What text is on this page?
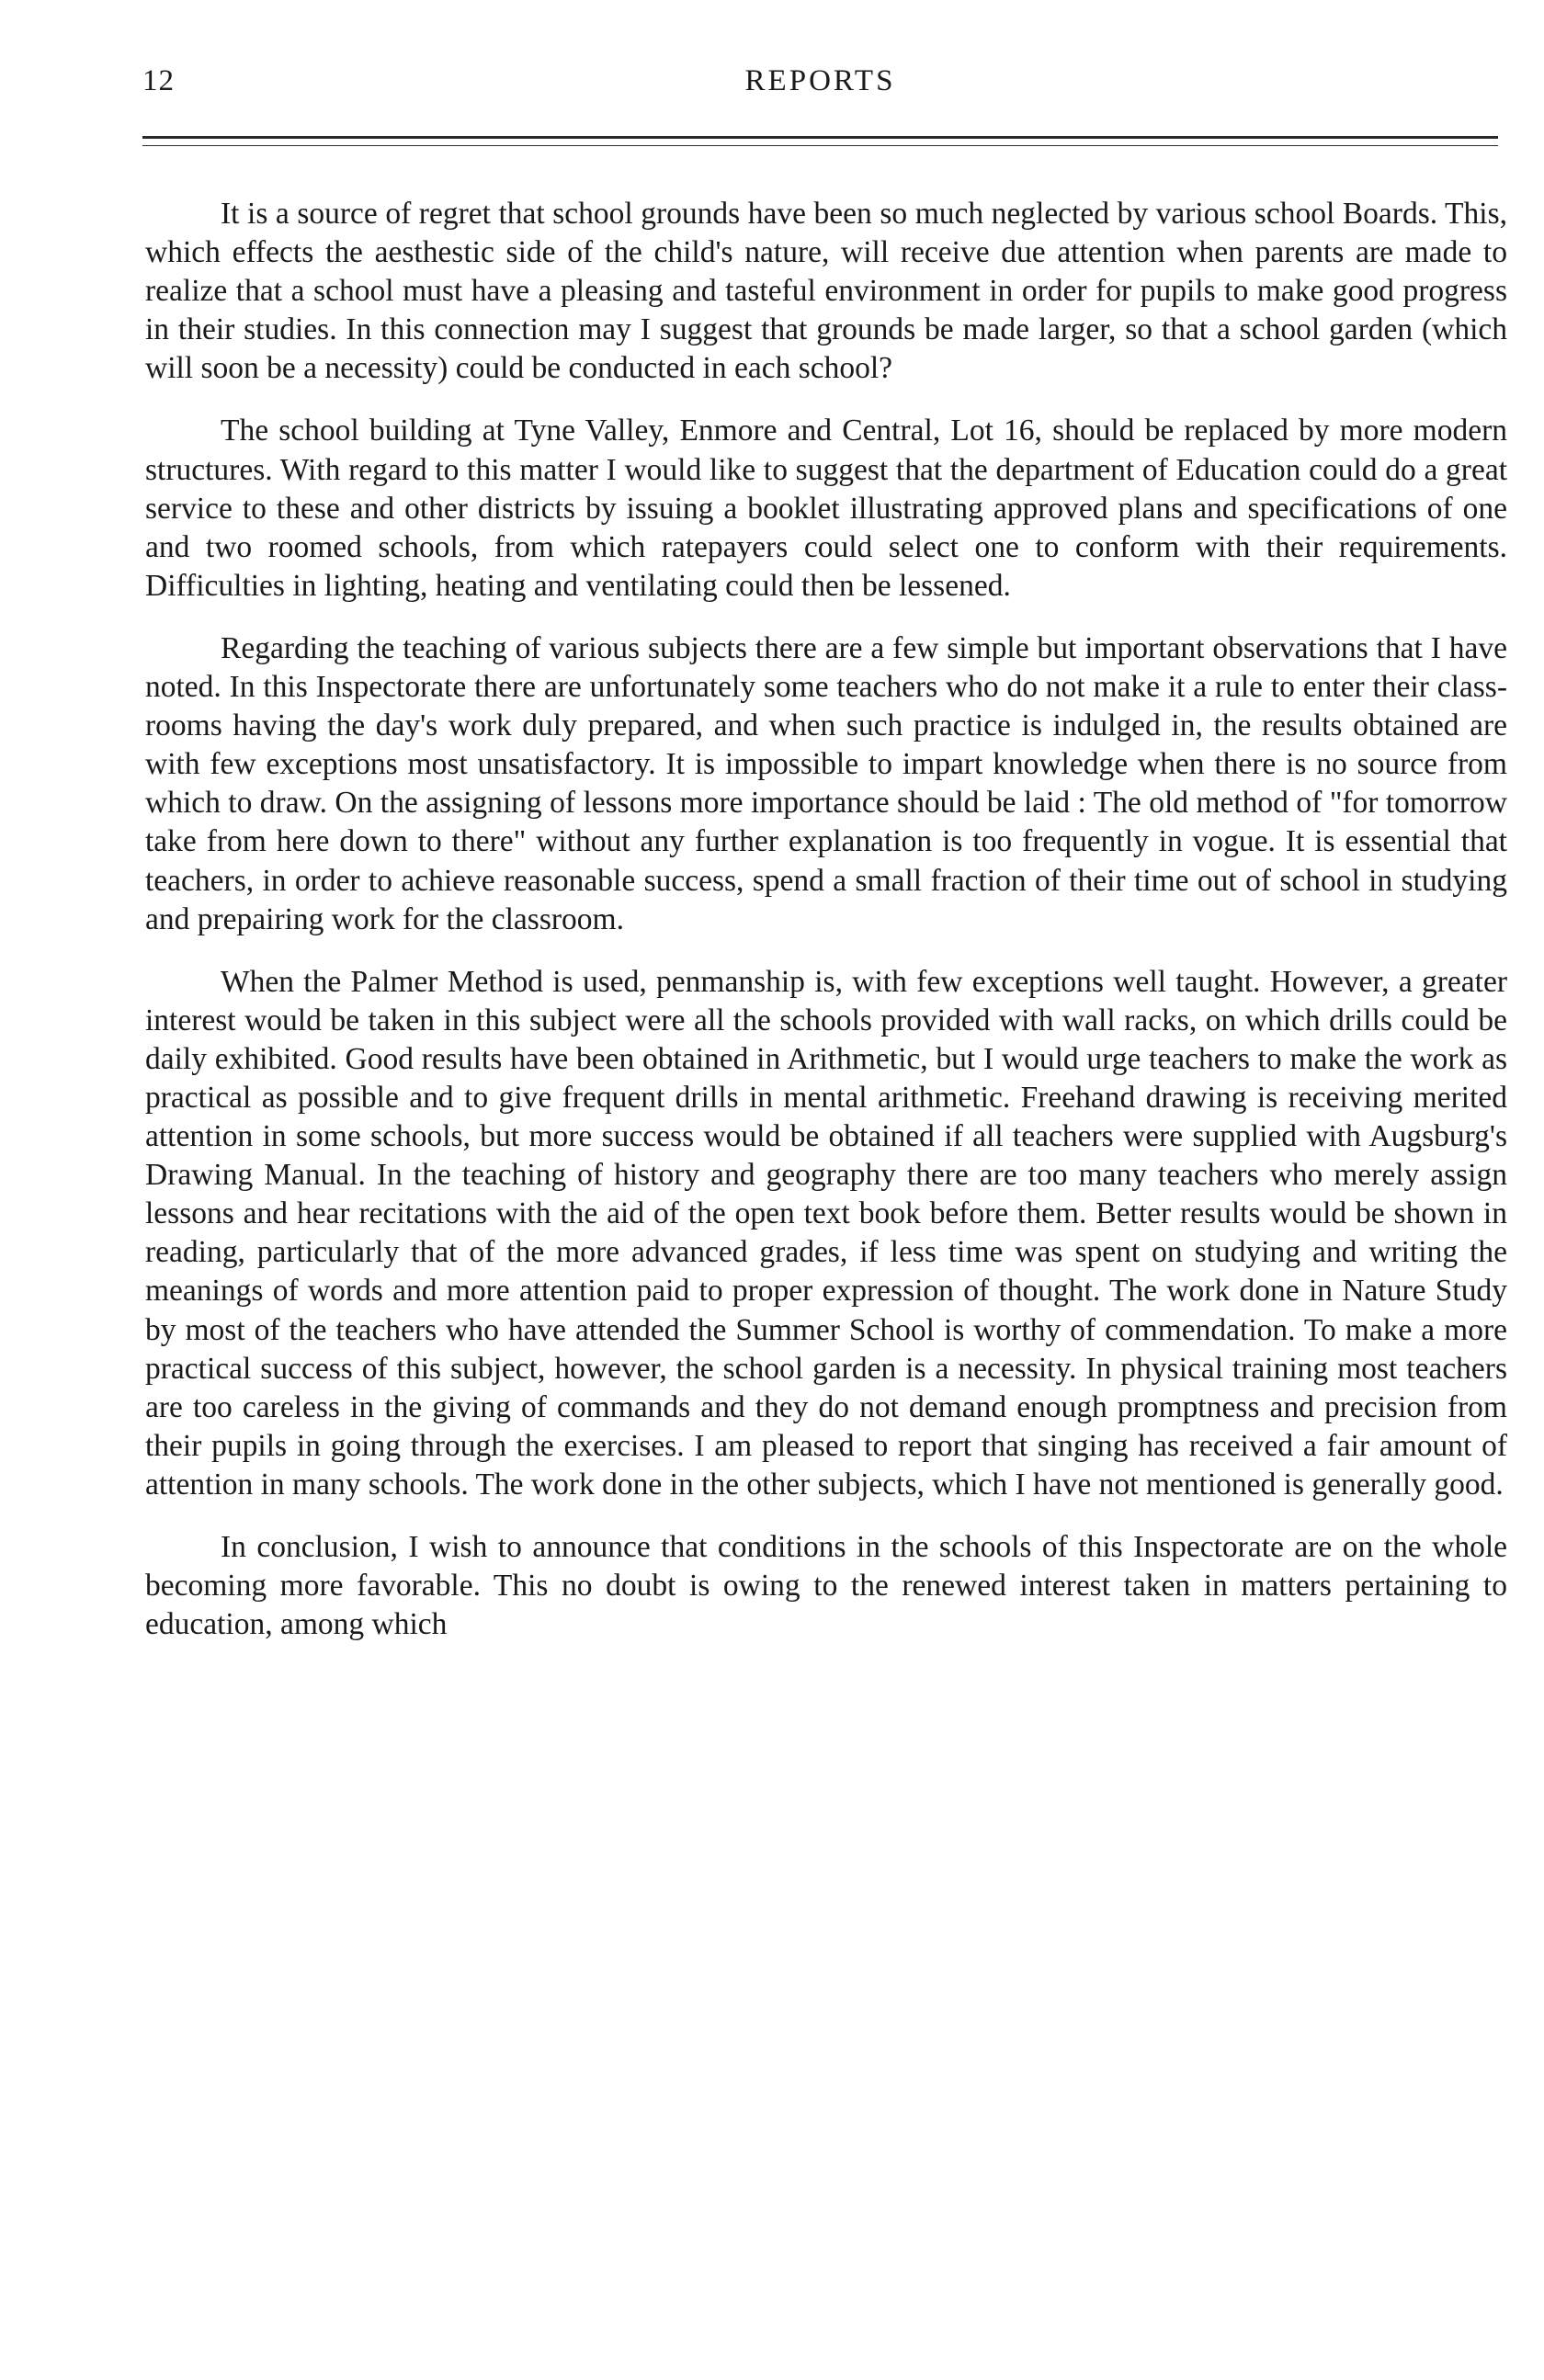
12	REPORTS

It is a source of regret that school grounds have been so much neglected by various school Boards. This, which effects the aesthestic side of the child's nature, will receive due attention when parents are made to realize that a school must have a pleasing and tasteful environment in order for pupils to make good progress in their studies. In this connection may I suggest that grounds be made larger, so that a school garden (which will soon be a necessity) could be conducted in each school?

The school building at Tyne Valley, Enmore and Central, Lot 16, should be replaced by more modern structures. With regard to this matter I would like to suggest that the department of Education could do a great service to these and other districts by issuing a booklet illustrating approved plans and specifications of one and two roomed schools, from which ratepayers could select one to conform with their requirements. Difficulties in lighting, heating and ventilating could then be lessened.

Regarding the teaching of various subjects there are a few simple but important observations that I have noted. In this Inspectorate there are unfortunately some teachers who do not make it a rule to enter their class-rooms having the day's work duly prepared, and when such practice is indulged in, the results obtained are with few exceptions most unsatisfactory. It is impossible to impart knowledge when there is no source from which to draw. On the assigning of lessons more importance should be laid : The old method of "for tomorrow take from here down to there" without any further explanation is too frequently in vogue. It is essential that teachers, in order to achieve reasonable success, spend a small fraction of their time out of school in studying and prepairing work for the classroom.

When the Palmer Method is used, penmanship is, with few exceptions well taught. However, a greater interest would be taken in this subject were all the schools provided with wall racks, on which drills could be daily exhibited. Good results have been obtained in Arithmetic, but I would urge teachers to make the work as practical as possible and to give frequent drills in mental arithmetic. Freehand drawing is receiving merited attention in some schools, but more success would be obtained if all teachers were supplied with Augsburg's Drawing Manual. In the teaching of history and geography there are too many teachers who merely assign lessons and hear recitations with the aid of the open text book before them. Better results would be shown in reading, particularly that of the more advanced grades, if less time was spent on studying and writing the meanings of words and more attention paid to proper expression of thought. The work done in Nature Study by most of the teachers who have attended the Summer School is worthy of commendation. To make a more practical success of this subject, however, the school garden is a necessity. In physical training most teachers are too careless in the giving of commands and they do not demand enough promptness and precision from their pupils in going through the exercises. I am pleased to report that singing has received a fair amount of attention in many schools. The work done in the other subjects, which I have not mentioned is generally good.

In conclusion, I wish to announce that conditions in the schools of this Inspectorate are on the whole becoming more favorable. This no doubt is owing to the renewed interest taken in matters pertaining to education, among which
